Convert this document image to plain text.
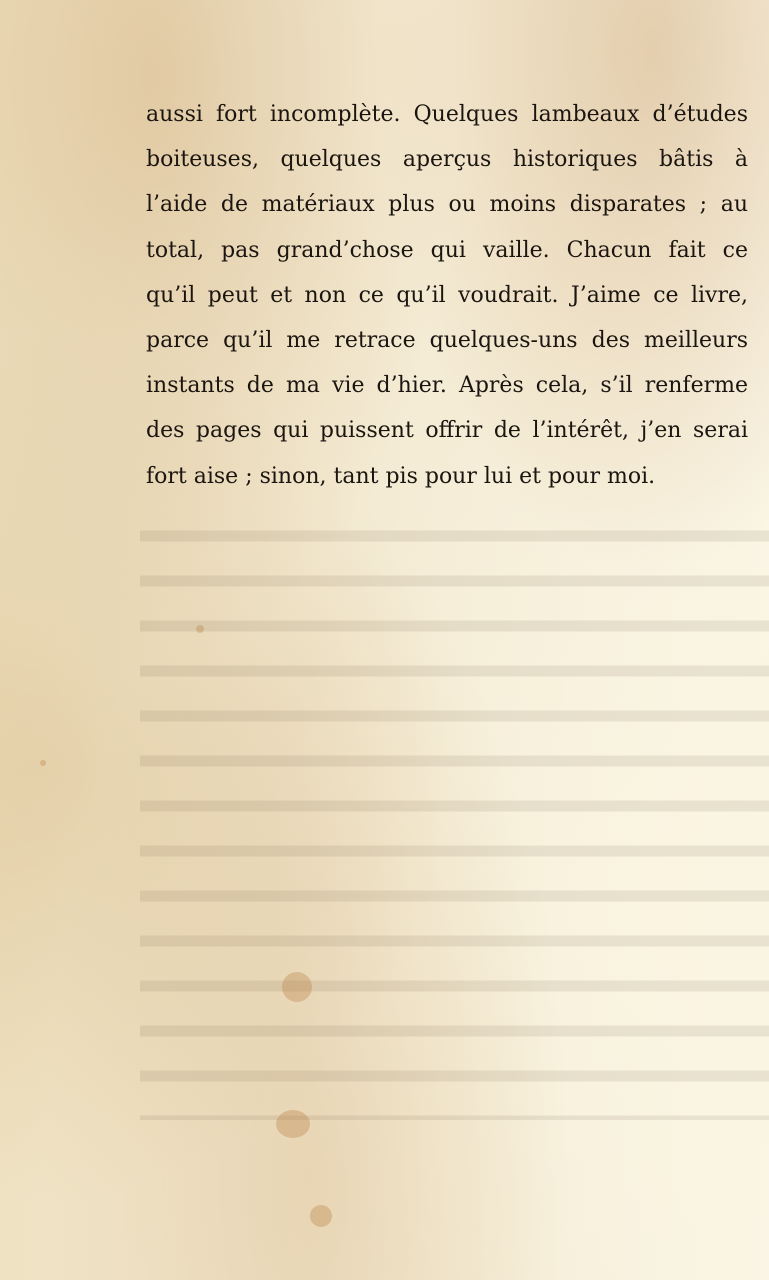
aussi fort incomplète. Quelques lambeaux d’études
boiteuses, quelques aperçus historiques bâtis à
l’aide de matériaux plus ou moins disparates ; au
total, pas grand’chose qui vaille. Chacun fait ce
qu’il peut et non ce qu’il voudrait. J’aime ce livre,
parce qu’il me retrace quelques-uns des meilleurs
instants de ma vie d’hier. Après cela, s’il renferme
des pages qui puissent offrir de l’intérêt, j’en serai
fort aise ; sinon, tant pis pour lui et pour moi.
